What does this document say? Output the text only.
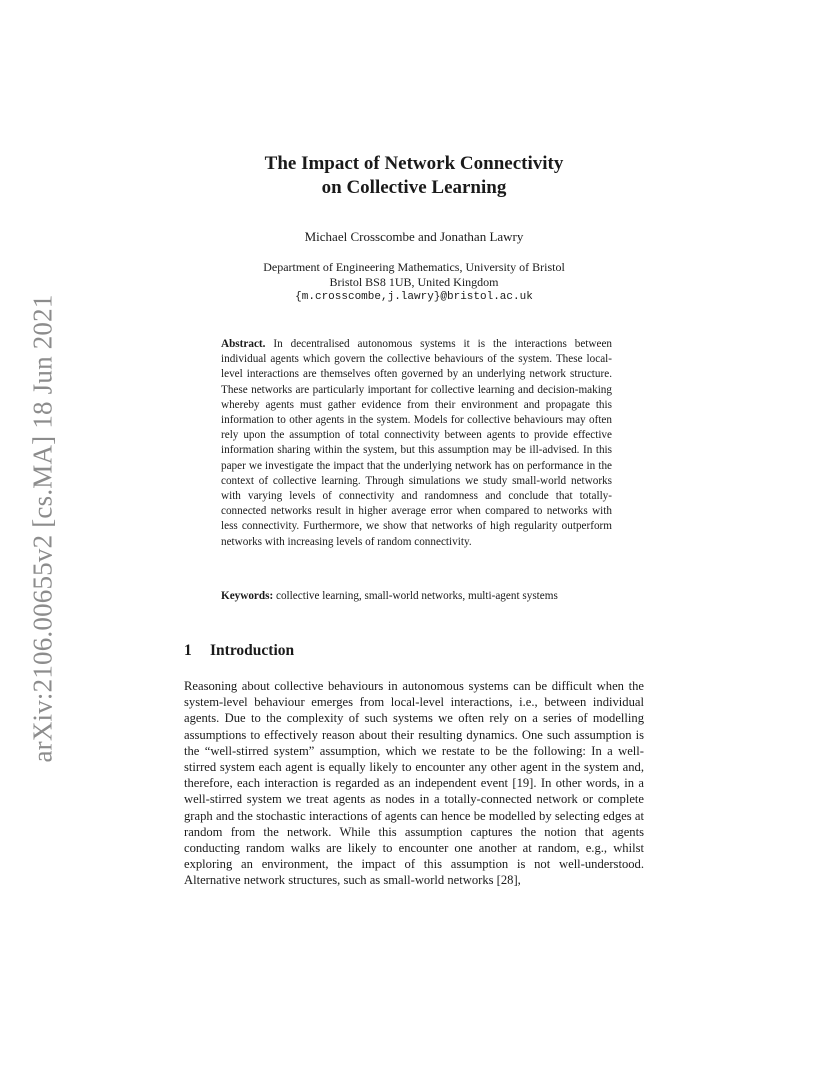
arXiv:2106.00655v2 [cs.MA] 18 Jun 2021
The Impact of Network Connectivity
on Collective Learning
Michael Crosscombe and Jonathan Lawry
Department of Engineering Mathematics, University of Bristol
Bristol BS8 1UB, United Kingdom
{m.crosscombe,j.lawry}@bristol.ac.uk
Abstract. In decentralised autonomous systems it is the interactions between individual agents which govern the collective behaviours of the system. These local-level interactions are themselves often governed by an underlying network structure. These networks are particularly important for collective learning and decision-making whereby agents must gather evidence from their environment and propagate this information to other agents in the system. Models for collective behaviours may often rely upon the assumption of total connectivity between agents to provide effective information sharing within the system, but this assumption may be ill-advised. In this paper we investigate the impact that the underlying network has on performance in the context of collective learning. Through simulations we study small-world networks with varying levels of connectivity and randomness and conclude that totally-connected networks result in higher average error when compared to networks with less connectivity. Furthermore, we show that networks of high regularity outperform networks with increasing levels of random connectivity.
Keywords: collective learning, small-world networks, multi-agent systems
1 Introduction
Reasoning about collective behaviours in autonomous systems can be difficult when the system-level behaviour emerges from local-level interactions, i.e., between individual agents. Due to the complexity of such systems we often rely on a series of modelling assumptions to effectively reason about their resulting dynamics. One such assumption is the “well-stirred system” assumption, which we restate to be the following: In a well-stirred system each agent is equally likely to encounter any other agent in the system and, therefore, each interaction is regarded as an independent event [19]. In other words, in a well-stirred system we treat agents as nodes in a totally-connected network or complete graph and the stochastic interactions of agents can hence be modelled by selecting edges at random from the network. While this assumption captures the notion that agents conducting random walks are likely to encounter one another at random, e.g., whilst exploring an environment, the impact of this assumption is not well-understood. Alternative network structures, such as small-world networks [28],
